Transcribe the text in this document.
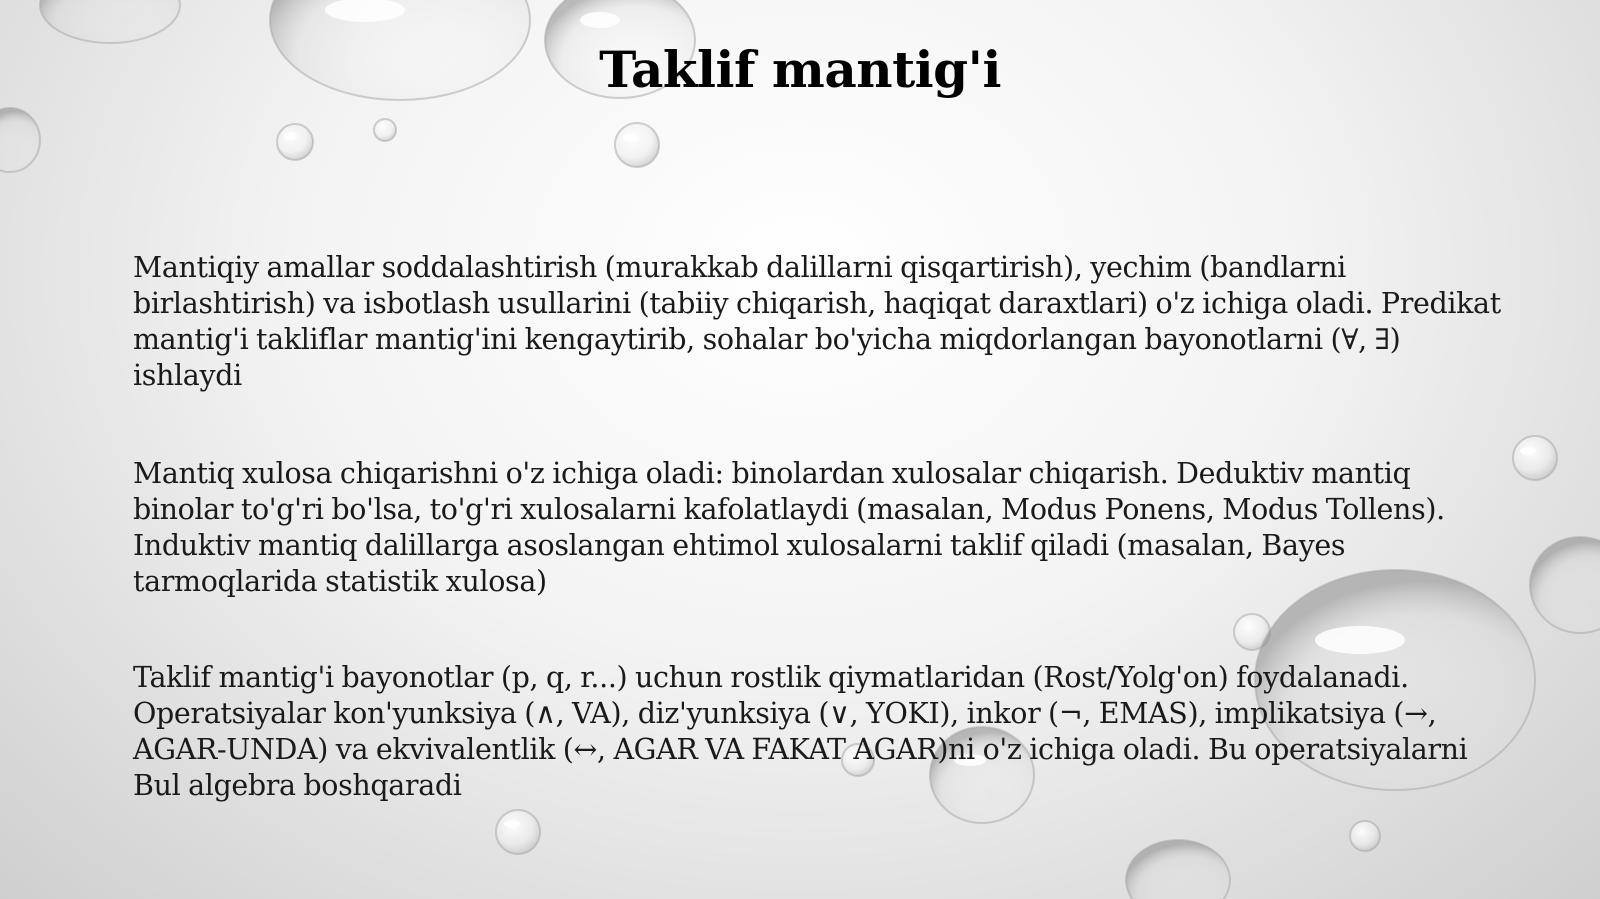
Taklif mantig'i

Mantiqiy amallar soddalashtirish (murakkab dalillarni qisqartirish), yechim (bandlarni birlashtirish) va isbotlash usullarini (tabiiy chiqarish, haqiqat daraxtlari) o'z ichiga oladi. Predikat mantig'i takliflar mantig'ini kengaytirib, sohalar bo'yicha miqdorlangan bayonotlarni (∀, ∃) ishlaydi

Mantiq xulosa chiqarishni o'z ichiga oladi: binolardan xulosalar chiqarish. Deduktiv mantiq binolar to'g'ri bo'lsa, to'g'ri xulosalarni kafolatlaydi (masalan, Modus Ponens, Modus Tollens). Induktiv mantiq dalillarga asoslangan ehtimol xulosalarni taklif qiladi (masalan, Bayes tarmoqlarida statistik xulosa)

Taklif mantig'i bayonotlar (p, q, r...) uchun rostlik qiymatlaridan (Rost/Yolg'on) foydalanadi. Operatsiyalar kon'yunksiya (∧, VA), diz'yunksiya (∨, YOKI), inkor (¬, EMAS), implikatsiya (→, AGAR-UNDA) va ekvivalentlik (↔, AGAR VA FAKAT AGAR)ni o'z ichiga oladi. Bu operatsiyalarni Bul algebra boshqaradi
